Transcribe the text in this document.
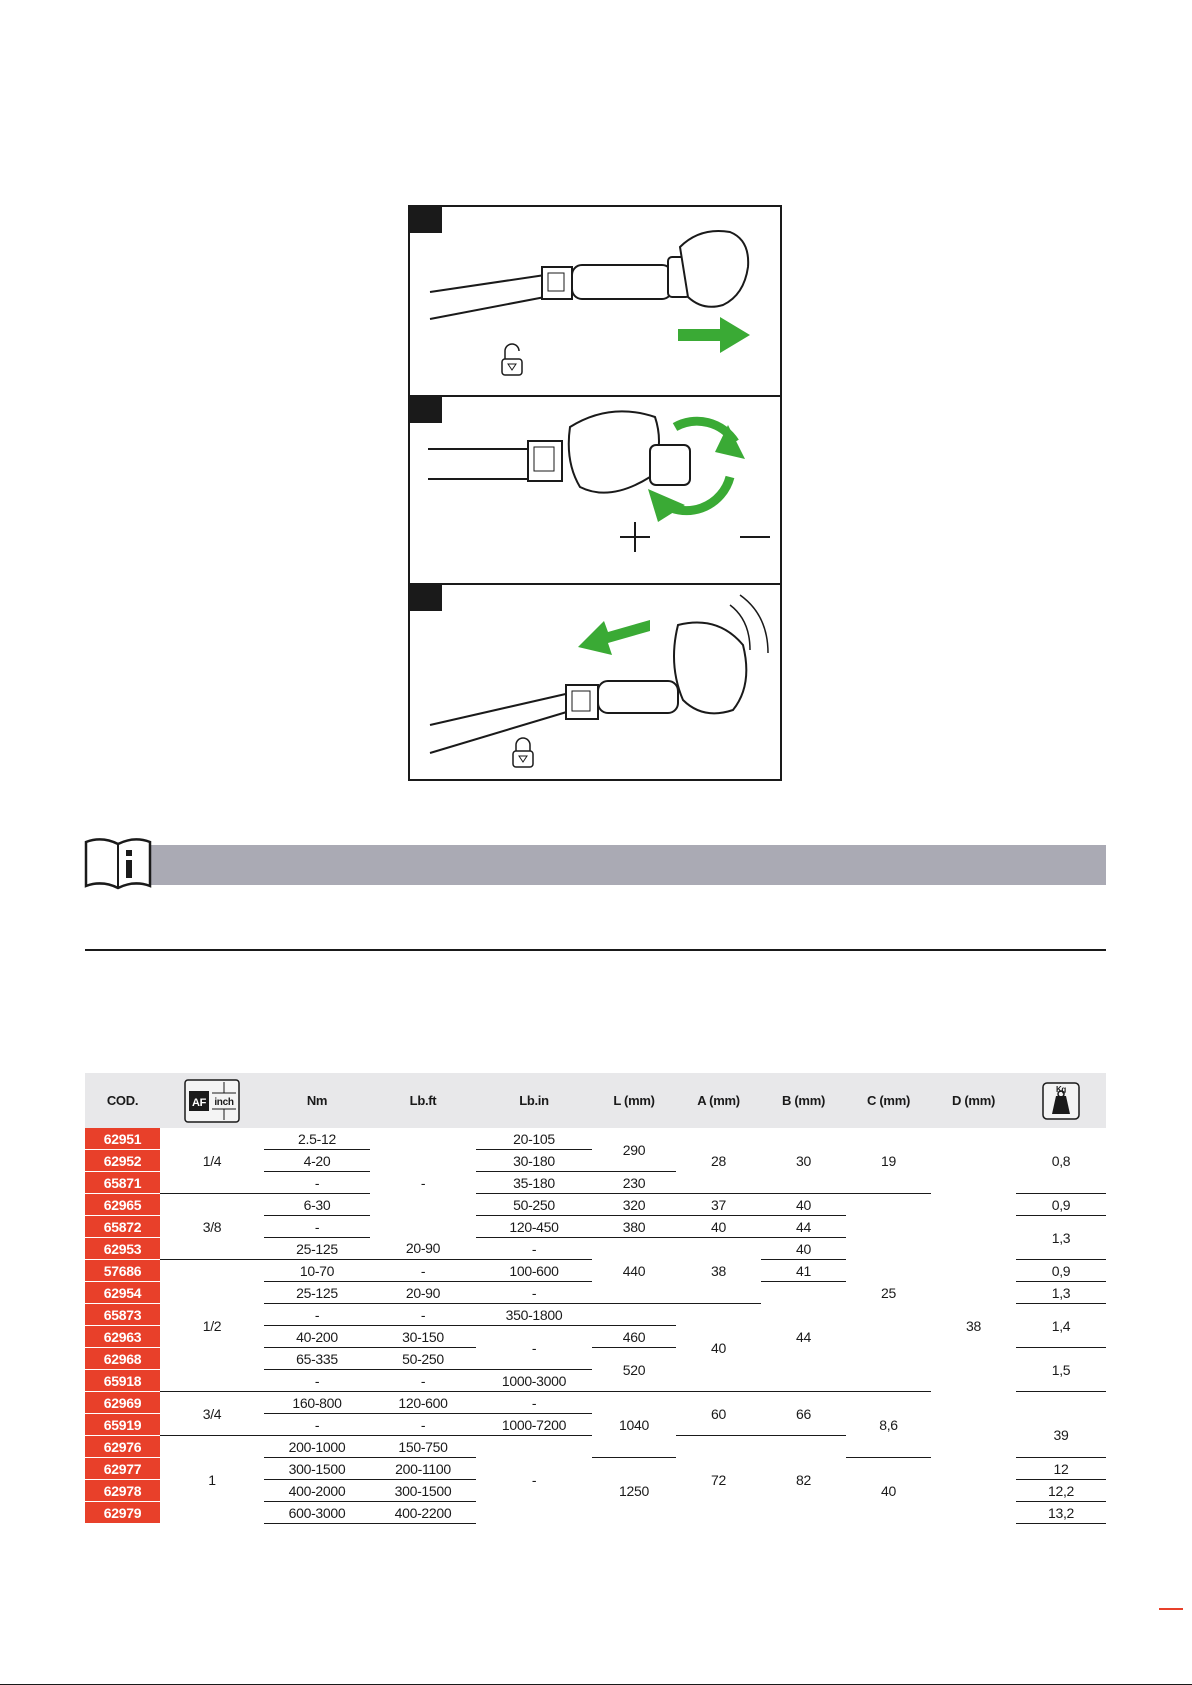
COD.	AF inch	Nm	Lb.ft	Lb.in	L (mm)	A (mm)	B (mm)	C (mm)	D (mm)	Kg

62951	1/4	2.5-12	-	20-105	290	28	30	19	38	0,8
62952		4-20		30-180						
65871		-		35-180	230					
62965	3/8	6-30		50-250	320	37	40	25		0,9
65872		-		120-450	380	40	44			1,3
62953		25-125	20-90	-	440	38	40			
57686	1/2	10-70	-	100-600			41			0,9
62954		25-125	20-90	-			44			1,3
65873		-	-	350-1800		40				1,4
62963		40-200	30-150	-	460					
62968		65-335	50-250		520					1,5
65918		-	-	1000-3000						
62969	3/4	160-800	120-600	-	1040	60	66	8,6		
65919		-	-	1000-7200						39
62976	1	200-1000	150-750	-		72	82			
62977		300-1500	200-1100		1250			40		12
62978		400-2000	300-1500							12,2
62979		600-3000	400-2200							13,2
